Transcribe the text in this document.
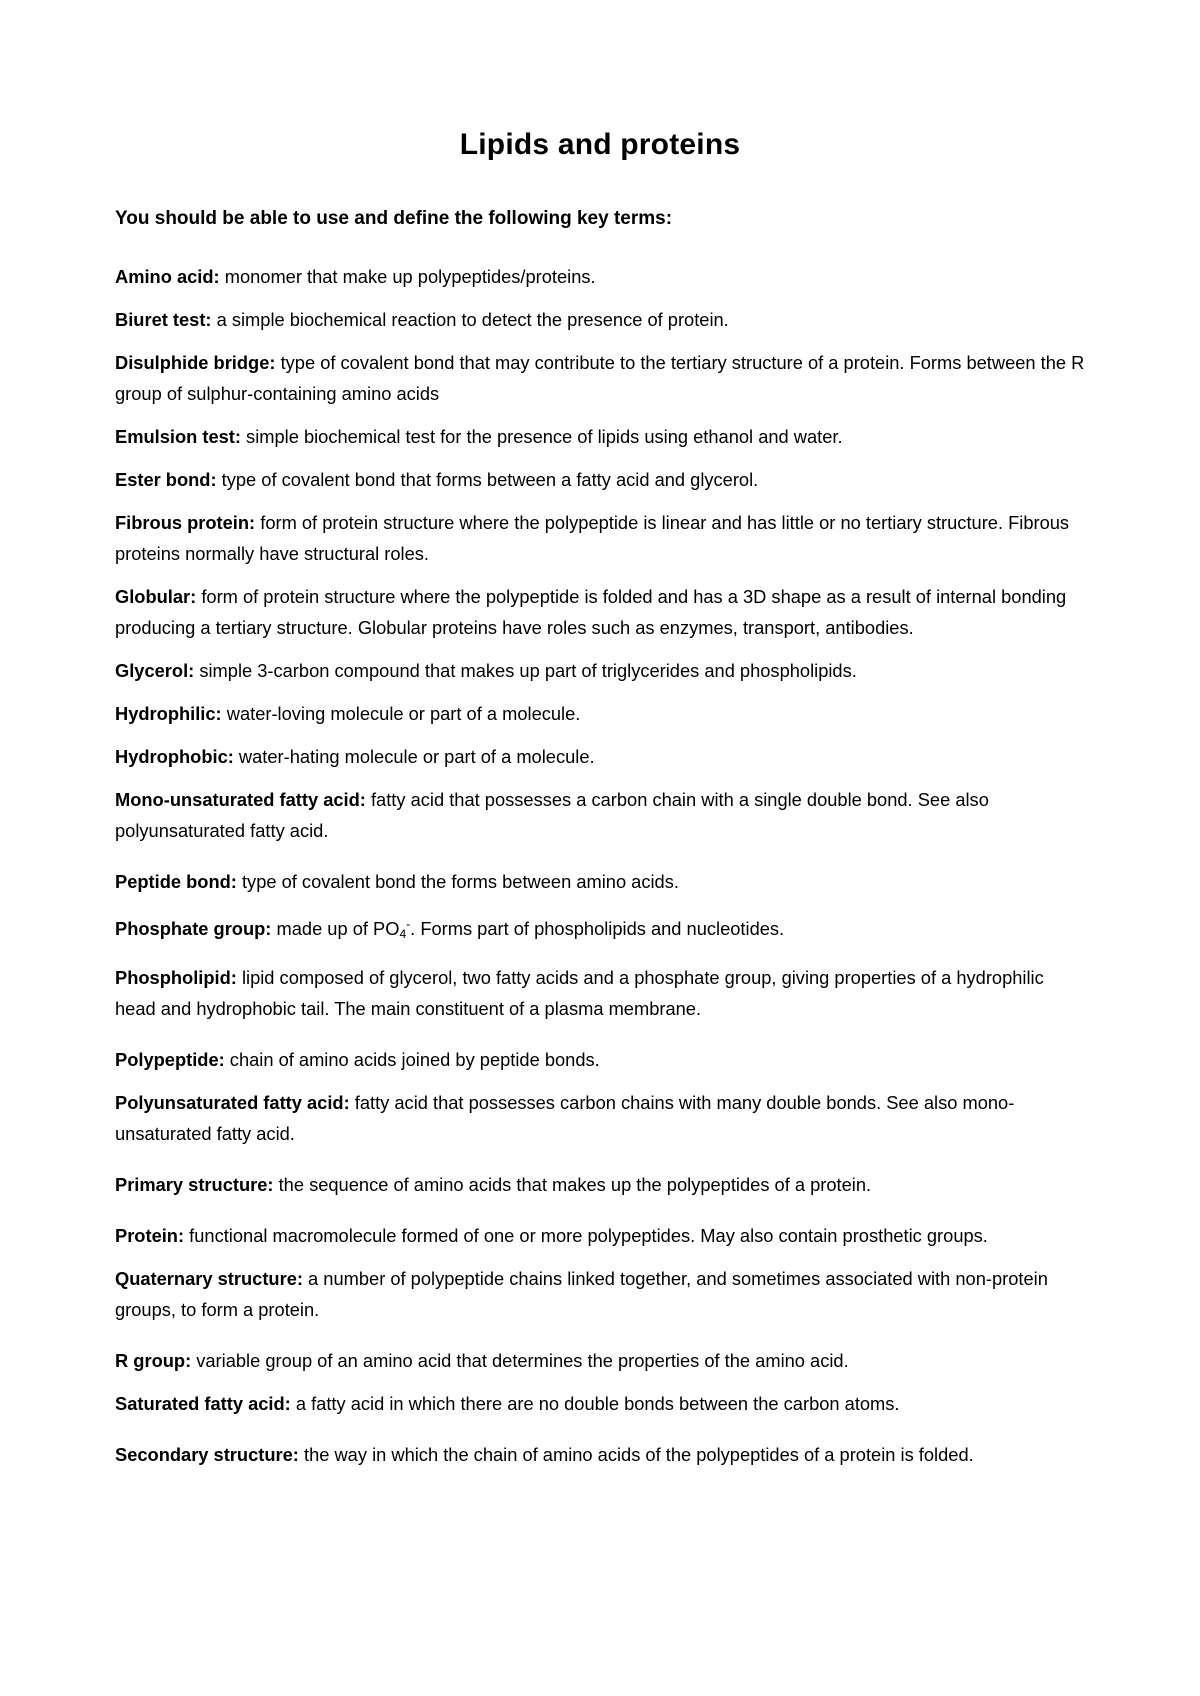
Lipids and proteins

You should be able to use and define the following key terms:

Amino acid: monomer that make up polypeptides/proteins.
Biuret test: a simple biochemical reaction to detect the presence of protein.
Disulphide bridge: type of covalent bond that may contribute to the tertiary structure of a protein. Forms between the R group of sulphur-containing amino acids
Emulsion test: simple biochemical test for the presence of lipids using ethanol and water.
Ester bond: type of covalent bond that forms between a fatty acid and glycerol.
Fibrous protein: form of protein structure where the polypeptide is linear and has little or no tertiary structure. Fibrous proteins normally have structural roles.
Globular: form of protein structure where the polypeptide is folded and has a 3D shape as a result of internal bonding producing a tertiary structure. Globular proteins have roles such as enzymes, transport, antibodies.
Glycerol: simple 3-carbon compound that makes up part of triglycerides and phospholipids.
Hydrophilic: water-loving molecule or part of a molecule.
Hydrophobic: water-hating molecule or part of a molecule.
Mono-unsaturated fatty acid: fatty acid that possesses a carbon chain with a single double bond. See also polyunsaturated fatty acid.
Peptide bond: type of covalent bond the forms between amino acids.
Phosphate group: made up of $PO_4^-$. Forms part of phospholipids and nucleotides.
Phospholipid: lipid composed of glycerol, two fatty acids and a phosphate group, giving properties of a hydrophilic head and hydrophobic tail. The main constituent of a plasma membrane.
Polypeptide: chain of amino acids joined by peptide bonds.
Polyunsaturated fatty acid: fatty acid that possesses carbon chains with many double bonds. See also mono-unsaturated fatty acid.
Primary structure: the sequence of amino acids that makes up the polypeptides of a protein.
Protein: functional macromolecule formed of one or more polypeptides. May also contain prosthetic groups.
Quaternary structure: a number of polypeptide chains linked together, and sometimes associated with non-protein groups, to form a protein.
R group: variable group of an amino acid that determines the properties of the amino acid.
Saturated fatty acid: a fatty acid in which there are no double bonds between the carbon atoms.
Secondary structure: the way in which the chain of amino acids of the polypeptides of a protein is folded.
